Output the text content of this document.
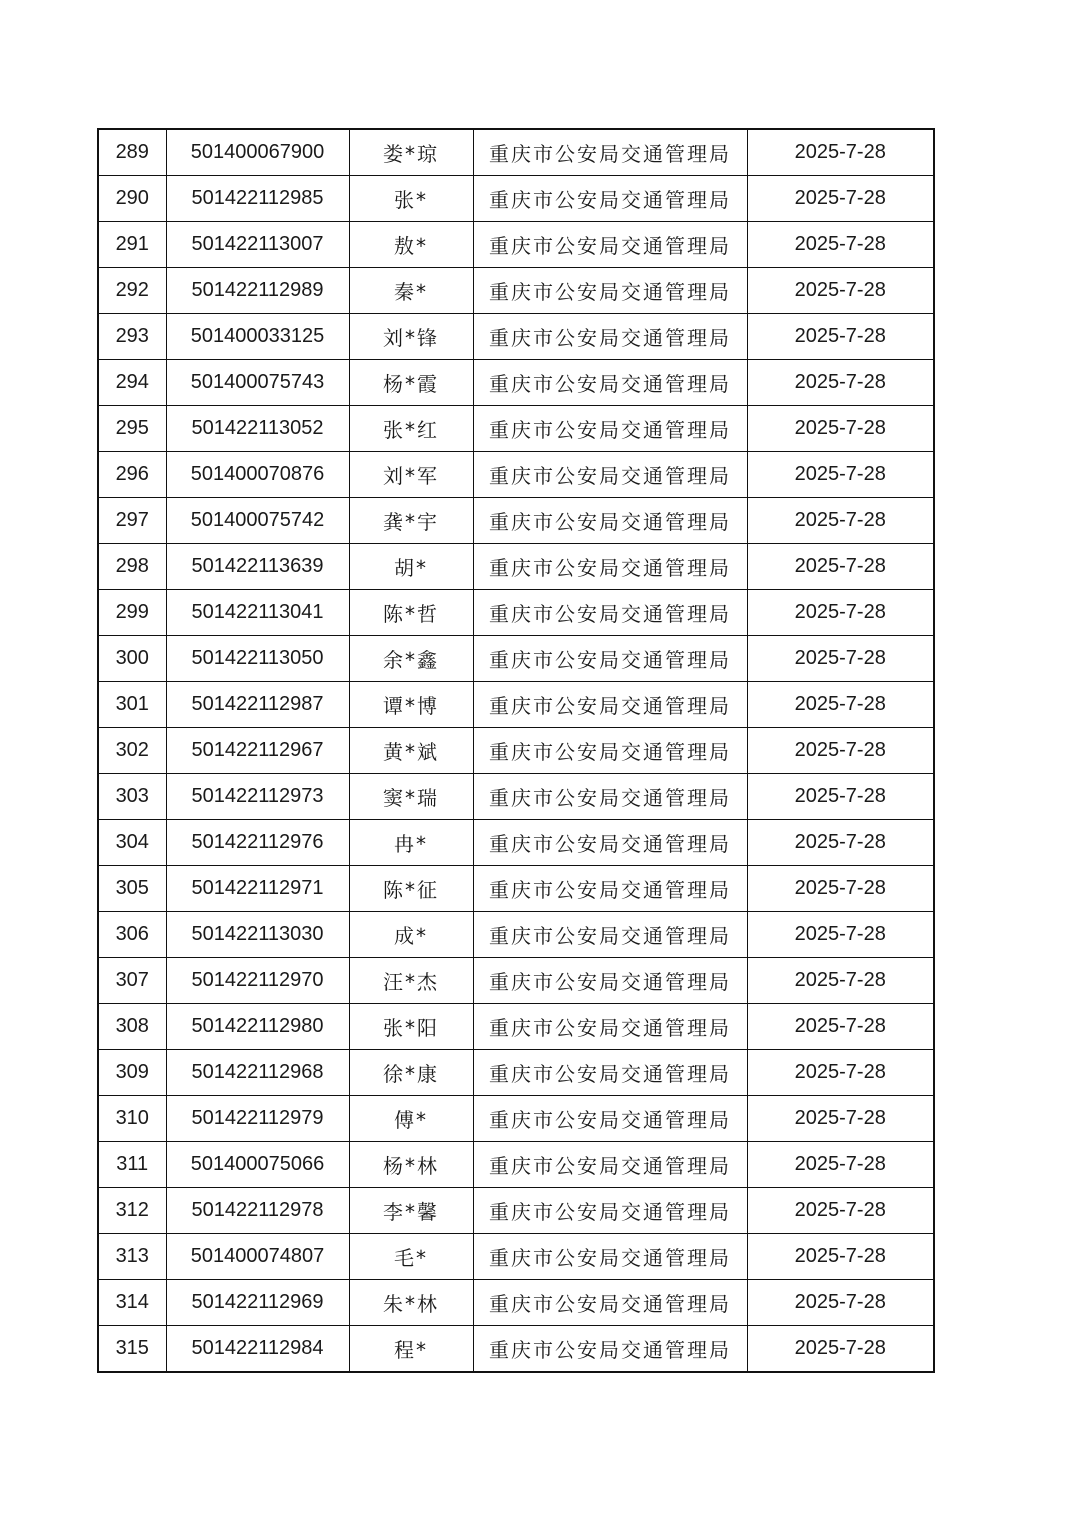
289	501400067900	娄*琼	重庆市公安局交通管理局	2025-7-28
290	501422112985	张*	重庆市公安局交通管理局	2025-7-28
291	501422113007	敖*	重庆市公安局交通管理局	2025-7-28
292	501422112989	秦*	重庆市公安局交通管理局	2025-7-28
293	501400033125	刘*锋	重庆市公安局交通管理局	2025-7-28
294	501400075743	杨*霞	重庆市公安局交通管理局	2025-7-28
295	501422113052	张*红	重庆市公安局交通管理局	2025-7-28
296	501400070876	刘*军	重庆市公安局交通管理局	2025-7-28
297	501400075742	龚*宇	重庆市公安局交通管理局	2025-7-28
298	501422113639	胡*	重庆市公安局交通管理局	2025-7-28
299	501422113041	陈*哲	重庆市公安局交通管理局	2025-7-28
300	501422113050	余*鑫	重庆市公安局交通管理局	2025-7-28
301	501422112987	谭*博	重庆市公安局交通管理局	2025-7-28
302	501422112967	黄*斌	重庆市公安局交通管理局	2025-7-28
303	501422112973	窦*瑞	重庆市公安局交通管理局	2025-7-28
304	501422112976	冉*	重庆市公安局交通管理局	2025-7-28
305	501422112971	陈*征	重庆市公安局交通管理局	2025-7-28
306	501422113030	成*	重庆市公安局交通管理局	2025-7-28
307	501422112970	汪*杰	重庆市公安局交通管理局	2025-7-28
308	501422112980	张*阳	重庆市公安局交通管理局	2025-7-28
309	501422112968	徐*康	重庆市公安局交通管理局	2025-7-28
310	501422112979	傅*	重庆市公安局交通管理局	2025-7-28
311	501400075066	杨*林	重庆市公安局交通管理局	2025-7-28
312	501422112978	李*馨	重庆市公安局交通管理局	2025-7-28
313	501400074807	毛*	重庆市公安局交通管理局	2025-7-28
314	501422112969	朱*林	重庆市公安局交通管理局	2025-7-28
315	501422112984	程*	重庆市公安局交通管理局	2025-7-28
